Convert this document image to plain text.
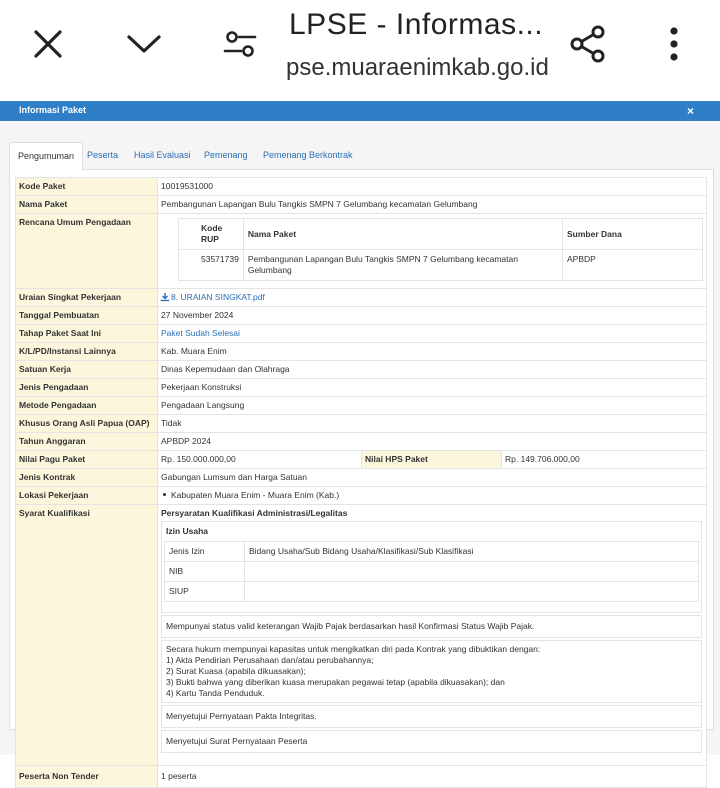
LPSE - Informas...
pse.muaraenimkab.go.id
Informasi Paket	×
Pengumuman	Peserta	Hasil Evaluasi	Pemenang	Pemenang Berkontrak
Kode Paket	10019531000
Nama Paket	Pembangunan Lapangan Bulu Tangkis SMPN 7 Gelumbang kecamatan Gelumbang
Rencana Umum Pengadaan	
Kode RUP	Nama Paket	Sumber Dana
53571739	Pembangunan Lapangan Bulu Tangkis SMPN 7 Gelumbang kecamatan Gelumbang	APBDP

Uraian Singkat Pekerjaan	8. URAIAN SINGKAT.pdf
Tanggal Pembuatan	27 November 2024
Tahap Paket Saat Ini	Paket Sudah Selesai
K/L/PD/Instansi Lainnya	Kab. Muara Enim
Satuan Kerja	Dinas Kepemudaan dan Olahraga
Jenis Pengadaan	Pekerjaan Konstruksi
Metode Pengadaan	Pengadaan Langsung
Khusus Orang Asli Papua (OAP)	Tidak
Tahun Anggaran	APBDP 2024
Nilai Pagu Paket	Rp. 150.000.000,00	Nilai HPS Paket	Rp. 149.706.000,00
Jenis Kontrak	Gabungan Lumsum dan Harga Satuan
Lokasi Pekerjaan	Kabupaten Muara Enim - Muara Enim (Kab.)
Syarat Kualifikasi	Persyaratan Kualifikasi Administrasi/Legalitas
Izin Usaha
Jenis Izin	Bidang Usaha/Sub Bidang Usaha/Klasifikasi/Sub Klasifikasi
NIB	
SIUP	
Mempunyai status valid keterangan Wajib Pajak berdasarkan hasil Konfirmasi Status Wajib Pajak.
Secara hukum mempunyai kapasitas untuk mengikatkan diri pada Kontrak yang dibuktikan dengan:
1) Akta Pendirian Perusahaan dan/atau perubahannya;
2) Surat Kuasa (apabila dikuasakan);
3) Bukti bahwa yang diberikan kuasa merupakan pegawai tetap (apabila dikuasakan); dan
4) Kartu Tanda Penduduk.
Menyetujui Pernyataan Pakta Integritas.
Menyetujui Surat Pernyataan Peserta

Peserta Non Tender	1 peserta
